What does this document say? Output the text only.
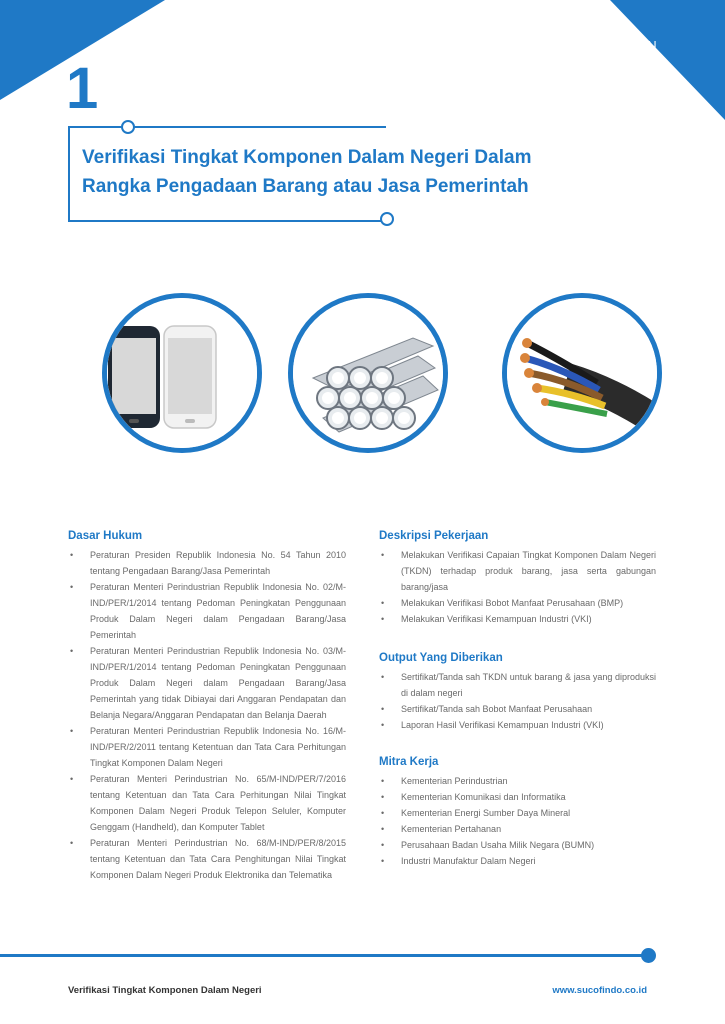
TKDN
1
Verifikasi Tingkat Komponen Dalam Negeri Dalam
Rangka Pengadaan Barang atau Jasa Pemerintah
Dasar Hukum
• Peraturan Presiden Republik Indonesia No. 54 Tahun 2010 tentang Pengadaan Barang/Jasa Pemerintah
• Peraturan Menteri Perindustrian Republik Indonesia No. 02/M-IND/PER/1/2014 tentang Pedoman Peningkatan Penggunaan Produk Dalam Negeri dalam Pengadaan Barang/Jasa Pemerintah
• Peraturan Menteri Perindustrian Republik Indonesia No. 03/M-IND/PER/1/2014 tentang Pedoman Peningkatan Penggunaan Produk Dalam Negeri dalam Pengadaan Barang/Jasa Pemerintah yang tidak Dibiayai dari Anggaran Pendapatan dan Belanja Negara/Anggaran Pendapatan dan Belanja Daerah
• Peraturan Menteri Perindustrian Republik Indonesia No. 16/M-IND/PER/2/2011 tentang Ketentuan dan Tata Cara Perhitungan Tingkat Komponen Dalam Negeri
• Peraturan Menteri Perindustrian No. 65/M-IND/PER/7/2016 tentang Ketentuan dan Tata Cara Perhitungan Nilai Tingkat Komponen Dalam Negeri Produk Telepon Seluler, Komputer Genggam (Handheld), dan Komputer Tablet
• Peraturan Menteri Perindustrian No. 68/M-IND/PER/8/2015 tentang Ketentuan dan Tata Cara Penghitungan Nilai Tingkat Komponen Dalam Negeri Produk Elektronika dan Telematika
Deskripsi Pekerjaan
• Melakukan Verifikasi Capaian Tingkat Komponen Dalam Negeri (TKDN) terhadap produk barang, jasa serta gabungan barang/jasa
• Melakukan Verifikasi Bobot Manfaat Perusahaan (BMP)
• Melakukan Verifikasi Kemampuan Industri (VKI)
Output Yang Diberikan
• Sertifikat/Tanda sah TKDN untuk barang & jasa yang diproduksi di dalam negeri
• Sertifikat/Tanda sah Bobot Manfaat Perusahaan
• Laporan Hasil Verifikasi Kemampuan Industri (VKI)
Mitra Kerja
• Kementerian Perindustrian
• Kementerian Komunikasi dan Informatika
• Kementerian Energi Sumber Daya Mineral
• Kementerian Pertahanan
• Perusahaan Badan Usaha Milik Negara (BUMN)
• Industri Manufaktur Dalam Negeri
Verifikasi Tingkat Komponen Dalam Negeri	www.sucofindo.co.id
